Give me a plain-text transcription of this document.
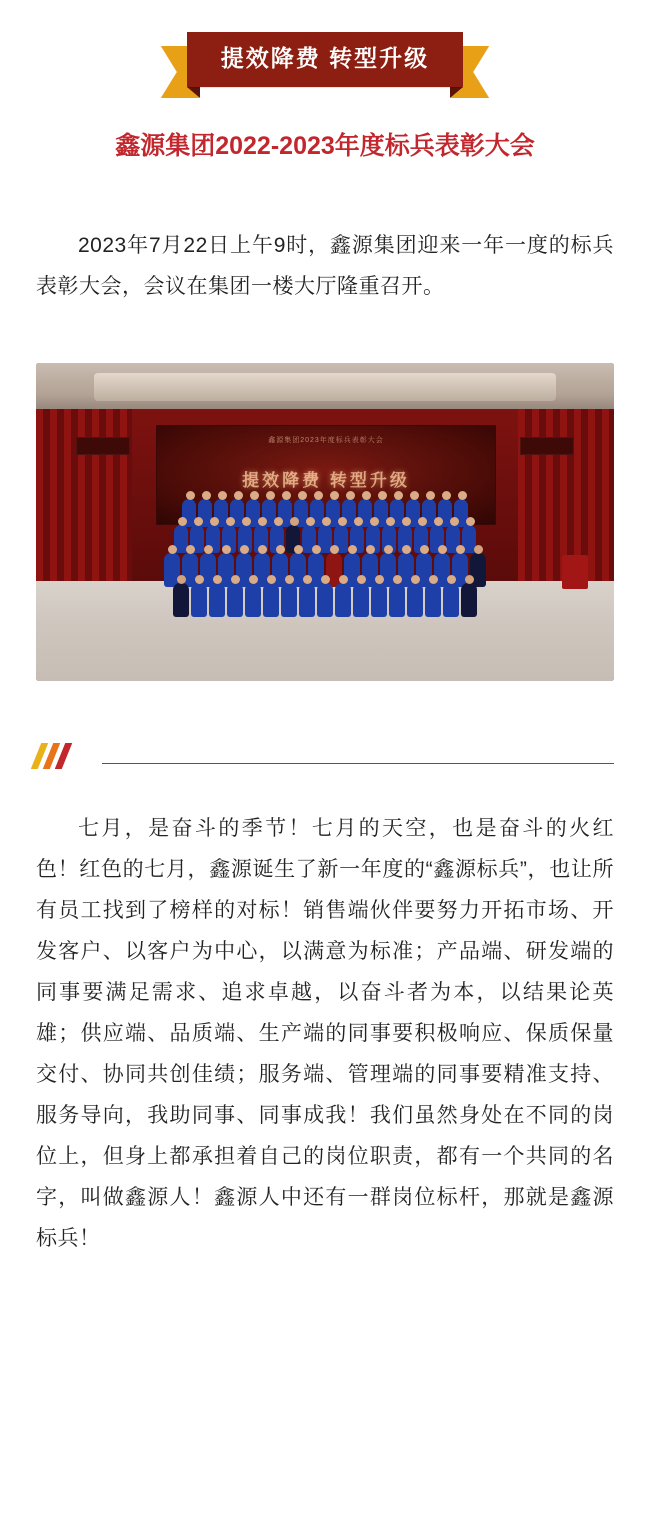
提效降费 转型升级
鑫源集团2022-2023年度标兵表彰大会

2023年7月22日上午9时，鑫源集团迎来一年一度的标兵表彰大会，会议在集团一楼大厅隆重召开。

鑫源集团2023年度标兵表彰大会
提效降费 转型升级

七月，是奋斗的季节！七月的天空，也是奋斗的火红色！红色的七月，鑫源诞生了新一年度的“鑫源标兵”，也让所有员工找到了榜样的对标！销售端伙伴要努力开拓市场、开发客户、以客户为中心，以满意为标准；产品端、研发端的同事要满足需求、追求卓越，以奋斗者为本，以结果论英雄；供应端、品质端、生产端的同事要积极响应、保质保量交付、协同共创佳绩；服务端、管理端的同事要精准支持、服务导向，我助同事、同事成我！我们虽然身处在不同的岗位上，但身上都承担着自己的岗位职责，都有一个共同的名字，叫做鑫源人！鑫源人中还有一群岗位标杆，那就是鑫源标兵！
